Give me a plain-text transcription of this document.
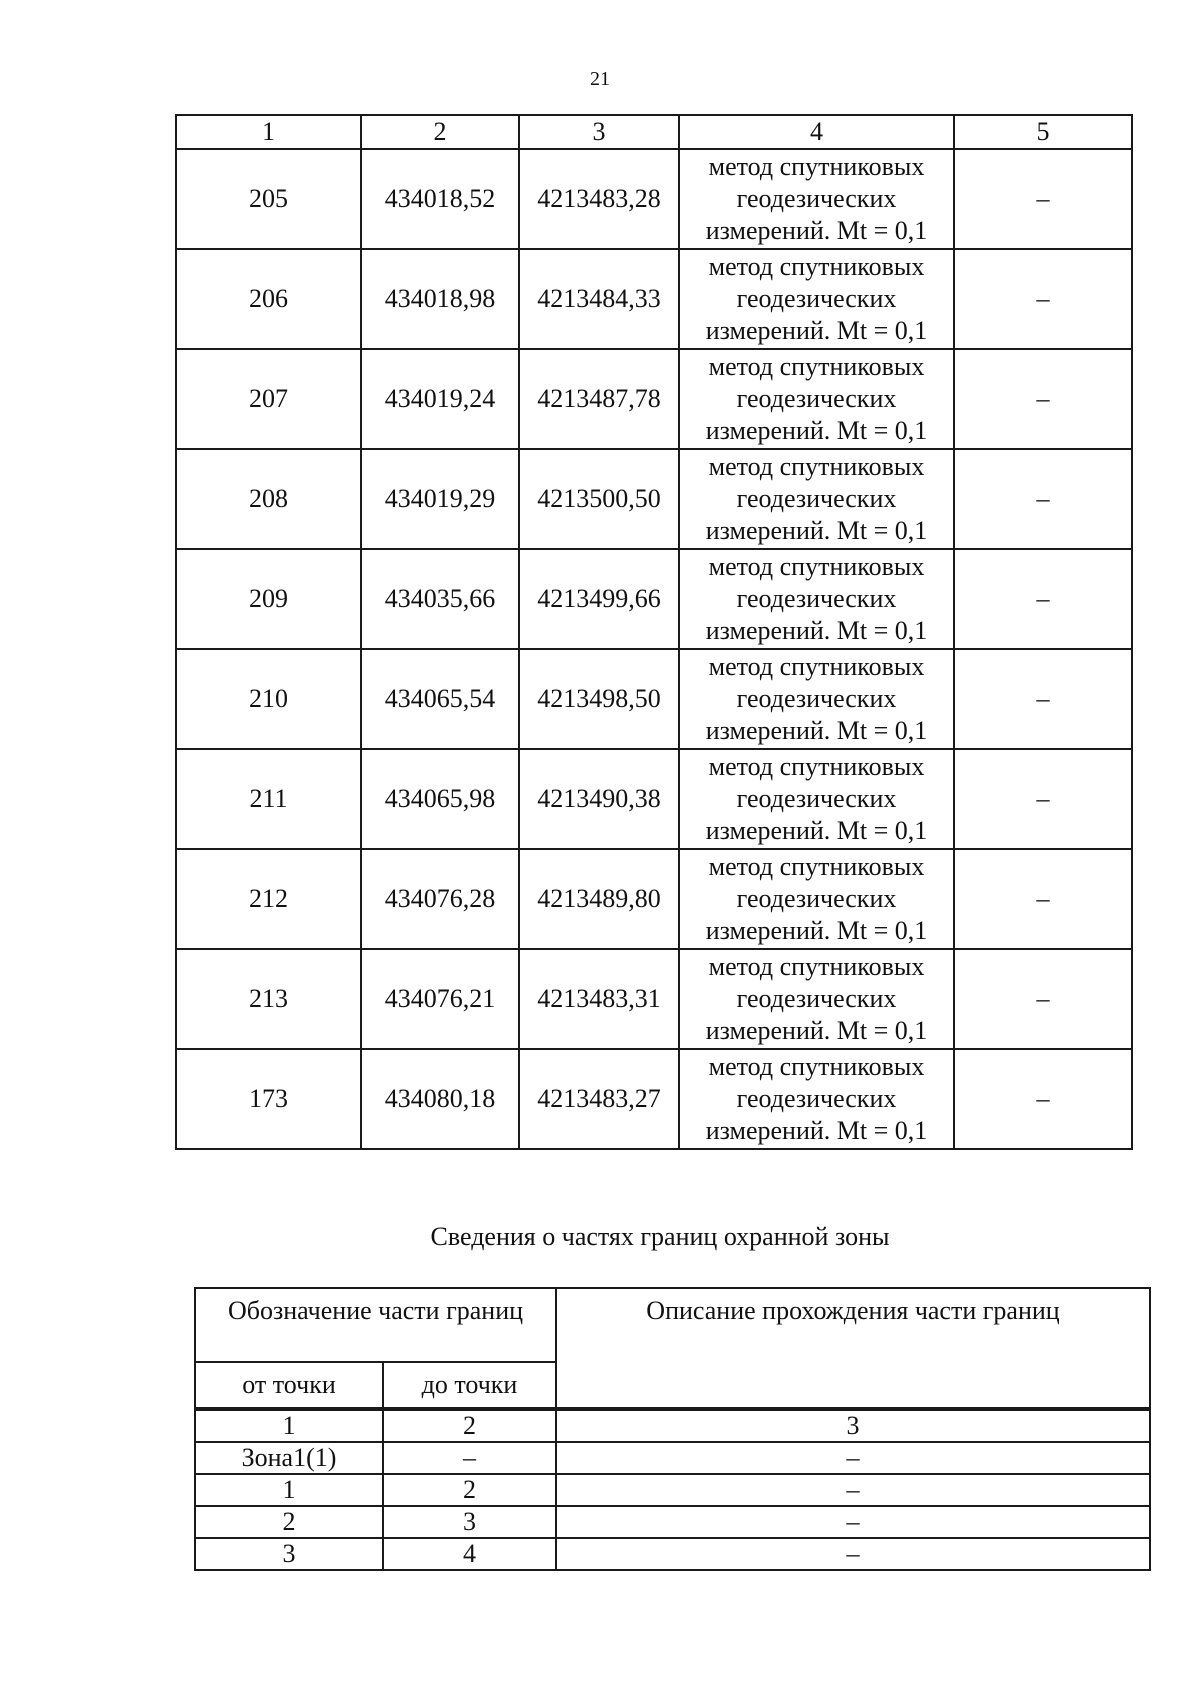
21
1	2	3	4	5
205	434018,52	4213483,28	метод спутниковых геодезических измерений. Mt = 0,1	–
206	434018,98	4213484,33	метод спутниковых геодезических измерений. Mt = 0,1	–
207	434019,24	4213487,78	метод спутниковых геодезических измерений. Mt = 0,1	–
208	434019,29	4213500,50	метод спутниковых геодезических измерений. Mt = 0,1	–
209	434035,66	4213499,66	метод спутниковых геодезических измерений. Mt = 0,1	–
210	434065,54	4213498,50	метод спутниковых геодезических измерений. Mt = 0,1	–
211	434065,98	4213490,38	метод спутниковых геодезических измерений. Mt = 0,1	–
212	434076,28	4213489,80	метод спутниковых геодезических измерений. Mt = 0,1	–
213	434076,21	4213483,31	метод спутниковых геодезических измерений. Mt = 0,1	–
173	434080,18	4213483,27	метод спутниковых геодезических измерений. Mt = 0,1	–
Сведения о частях границ охранной зоны
Обозначение части границ		Описание прохождения части границ
от точки	до точки	
1	2	3
Зона1(1)	–	–
1	2	–
2	3	–
3	4	–
